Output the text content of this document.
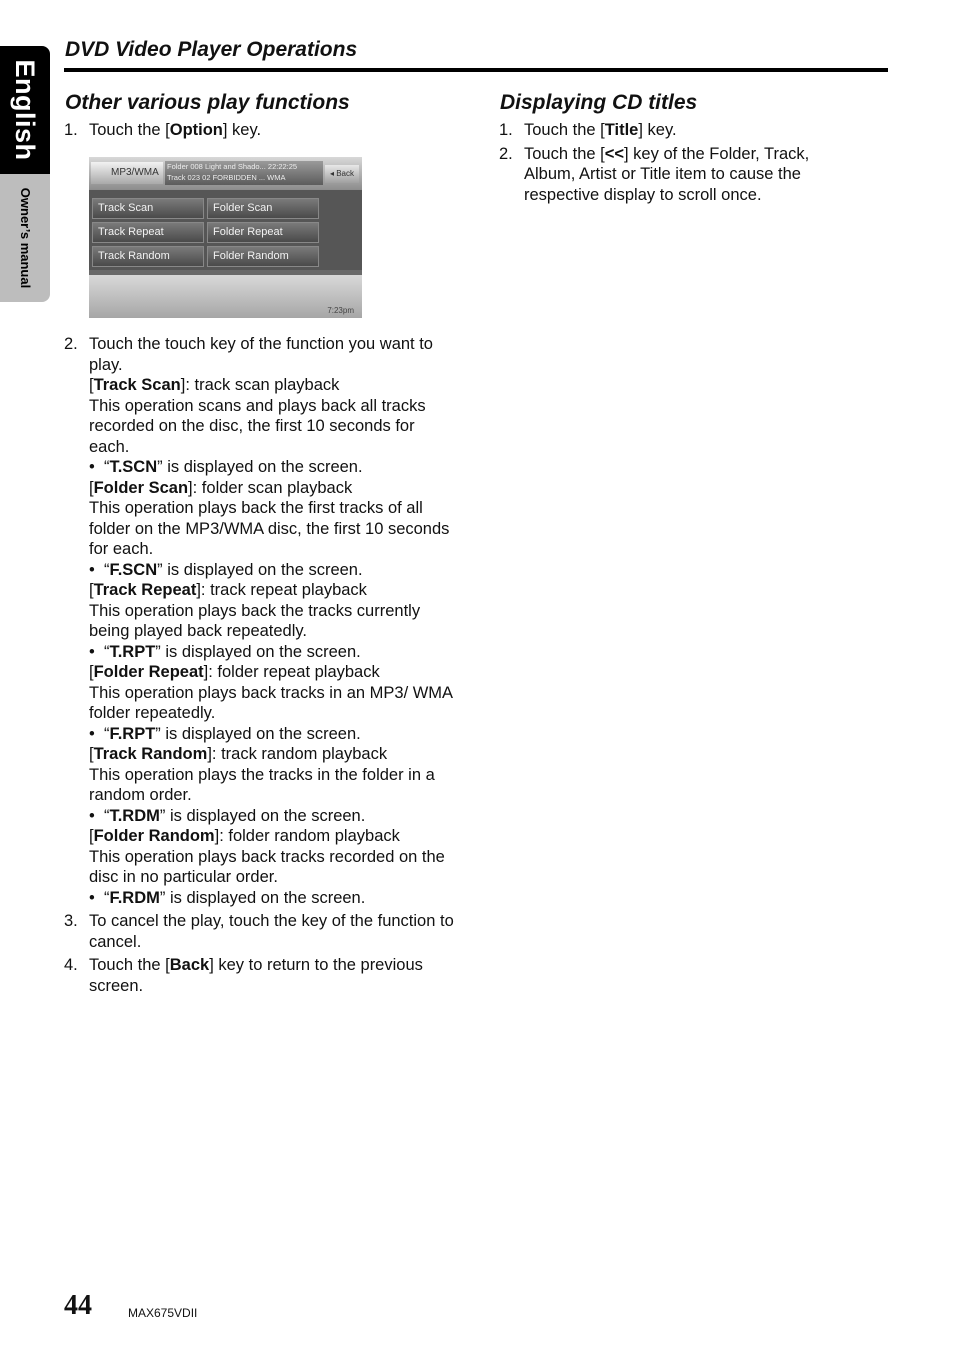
English
Owner’s manual
DVD Video Player Operations
Other various play functions

1. Touch the [Option] key.

MP3/WMA
Folder 008 Light and Shado... 22:22:25
Track 023 02 FORBIDDEN ... WMA	◂ Back
Track Scan	Folder Scan
Track Repeat	Folder Repeat
Track Random	Folder Random
7:23pm
2. Touch the touch key of the function you want to play.

[Track Scan]: track scan playback

This operation scans and plays back all tracks recorded on the disc, the first 10 seconds for each.

•  “T.SCN” is displayed on the screen.

[Folder Scan]: folder scan playback

This operation plays back the first tracks of all folder on the MP3/WMA disc, the first 10 seconds for each.

•  “F.SCN” is displayed on the screen.

[Track Repeat]: track repeat playback

This operation plays back the tracks currently being played back repeatedly.

•  “T.RPT” is displayed on the screen.

[Folder Repeat]: folder repeat playback

This operation plays back tracks in an MP3/ WMA folder repeatedly.

•  “F.RPT” is displayed on the screen.

[Track Random]: track random playback

This operation plays the tracks in the folder in a random order.

•  “T.RDM” is displayed on the screen.

[Folder Random]: folder random playback

This operation plays back tracks recorded on the disc in no particular order.

•  “F.RDM” is displayed on the screen.

3. To cancel the play, touch the key of the function to cancel.

4. Touch the [Back] key to return to the previous screen.

Displaying CD titles

1. Touch the [Title] key.

2. Touch the [<<] key of the Folder, Track, Album, Artist or Title item to cause the respective display to scroll once.

44	MAX675VDII
